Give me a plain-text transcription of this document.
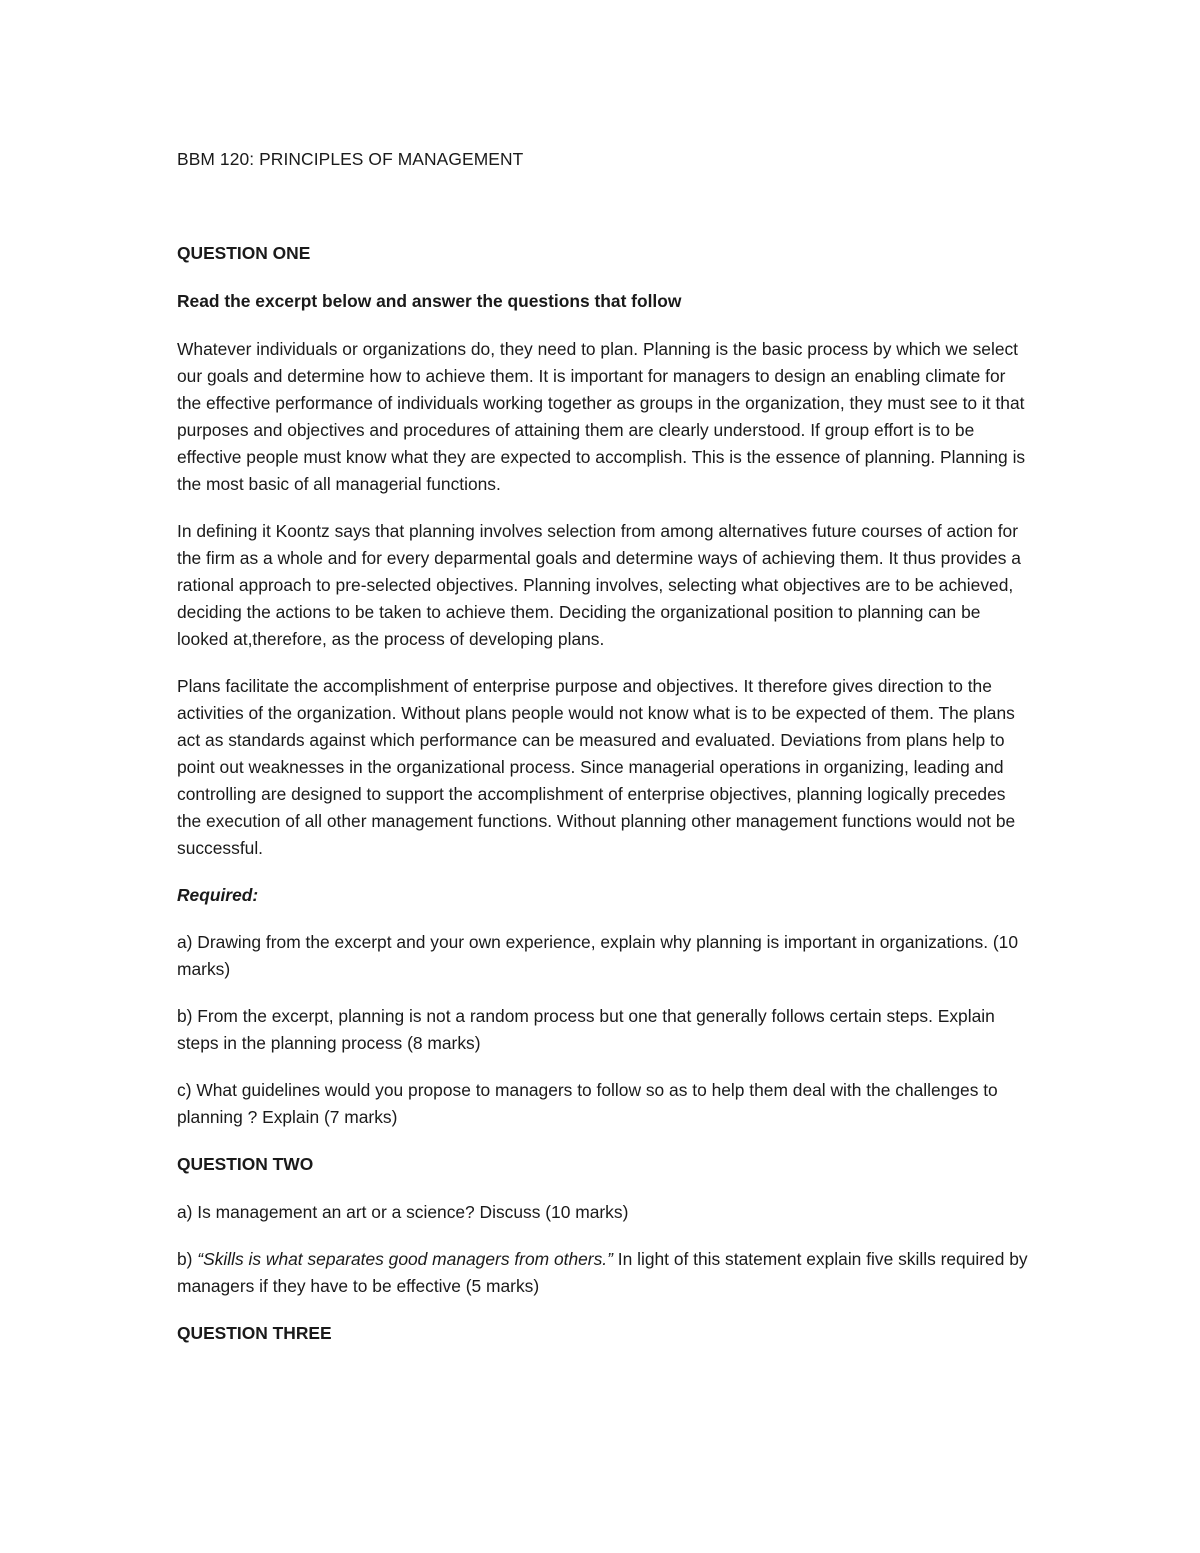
BBM 120: PRINCIPLES OF MANAGEMENT
QUESTION ONE
Read the excerpt below and answer the questions that follow

Whatever individuals or organizations do, they need to plan. Planning is the basic process by which we select our goals and determine how to achieve them. It is important for managers to design an enabling climate for the effective performance of individuals working together as groups in the organization, they must see to it that purposes and objectives and procedures of attaining them are clearly understood. If group effort is to be effective people must know what they are expected to accomplish. This is the essence of planning. Planning is the most basic of all managerial functions.

In defining it Koontz says that planning involves selection from among alternatives future courses of action for the firm as a whole and for every deparmental goals and determine ways of achieving them. It thus provides a rational approach to pre-selected objectives. Planning involves, selecting what objectives are to be achieved, deciding the actions to be taken to achieve them. Deciding the organizational position to planning can be looked at,therefore, as the process of developing plans.

Plans facilitate the accomplishment of enterprise purpose and objectives. It therefore gives direction to the activities of the organization. Without plans people would not know what is to be expected of them. The plans act as standards against which performance can be measured and evaluated. Deviations from plans help to point out weaknesses in the organizational process. Since managerial operations in organizing, leading and controlling are designed to support the accomplishment of enterprise objectives, planning logically precedes the execution of all other management functions. Without planning other management functions would not be successful.

Required:

a) Drawing from the excerpt and your own experience, explain why planning is important in organizations. (10 marks)

b) From the excerpt, planning is not a random process but one that generally follows certain steps. Explain steps in the planning process (8 marks)

c) What guidelines would you propose to managers to follow so as to help them deal with the challenges to planning ? Explain (7 marks)

QUESTION TWO

a) Is management an art or a science? Discuss (10 marks)

b) “Skills is what separates good managers from others.” In light of this statement explain five skills required by managers if they have to be effective (5 marks)

QUESTION THREE
